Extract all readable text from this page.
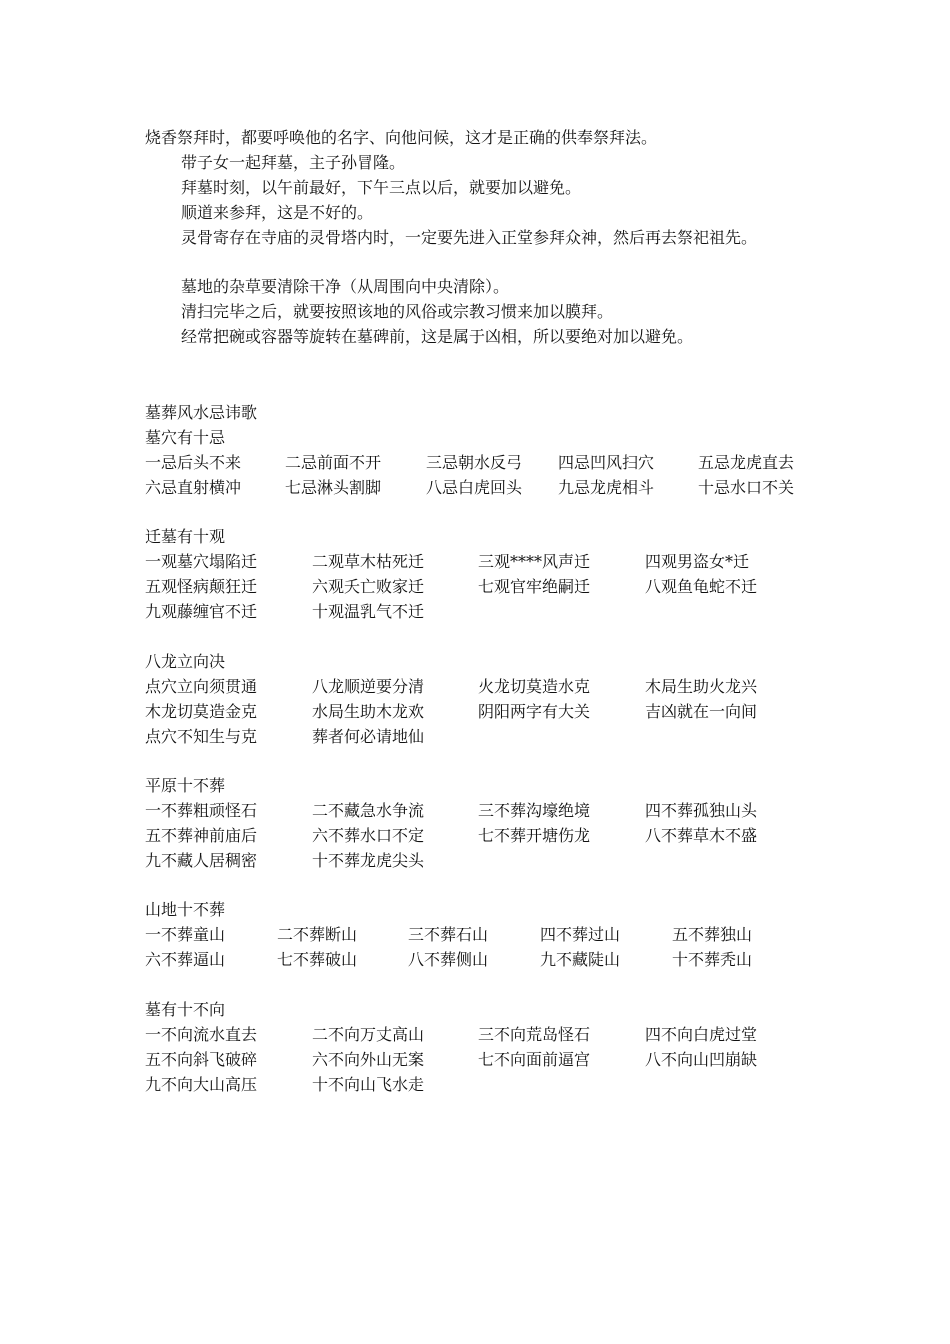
烧香祭拜时，都要呼唤他的名字、向他问候，这才是正确的供奉祭拜法。
带子女一起拜墓，主子孙冒隆。
拜墓时刻，以午前最好，下午三点以后，就要加以避免。
顺道来参拜，这是不好的。
灵骨寄存在寺庙的灵骨塔内时，一定要先进入正堂参拜众神，然后再去祭祀祖先。
墓地的杂草要清除干净（从周围向中央清除）。
清扫完毕之后，就要按照该地的风俗或宗教习惯来加以膜拜。
经常把碗或容器等旋转在墓碑前，这是属于凶相，所以要绝对加以避免。
墓葬风水忌讳歌
墓穴有十忌
一忌后头不来	二忌前面不开	三忌朝水反弓 四忌凹风扫穴	五忌龙虎直去
六忌直射横冲	七忌淋头割脚	八忌白虎回头 九忌龙虎相斗	十忌水口不关
迁墓有十观
一观墓穴塌陷迁	二观草木枯死迁	三观****风声迁	四观男盗女*迁
五观怪病颠狂迁	六观夭亡败家迁	七观官牢绝嗣迁	八观鱼龟蛇不迁
九观藤缠官不迁	十观温乳气不迁
八龙立向决
点穴立向须贯通	八龙顺逆要分清	火龙切莫造水克	木局生助火龙兴
木龙切莫造金克	水局生助木龙欢	阴阳两字有大关	吉凶就在一向间
点穴不知生与克	葬者何必请地仙
平原十不葬
一不葬粗顽怪石	二不藏急水争流	三不葬沟壕绝境	四不葬孤独山头
五不葬神前庙后	六不葬水口不定	七不葬开塘伤龙	八不葬草木不盛
九不藏人居稠密	十不葬龙虎尖头
山地十不葬
一不葬童山	二不葬断山	三不葬石山	四不葬过山	五不葬独山
六不葬逼山	七不葬破山	八不葬侧山	九不藏陡山	十不葬秃山
墓有十不向
一不向流水直去	二不向万丈高山	三不向荒岛怪石	四不向白虎过堂
五不向斜飞破碎	六不向外山无案	七不向面前逼宫	八不向山凹崩缺
九不向大山高压	十不向山飞水走
